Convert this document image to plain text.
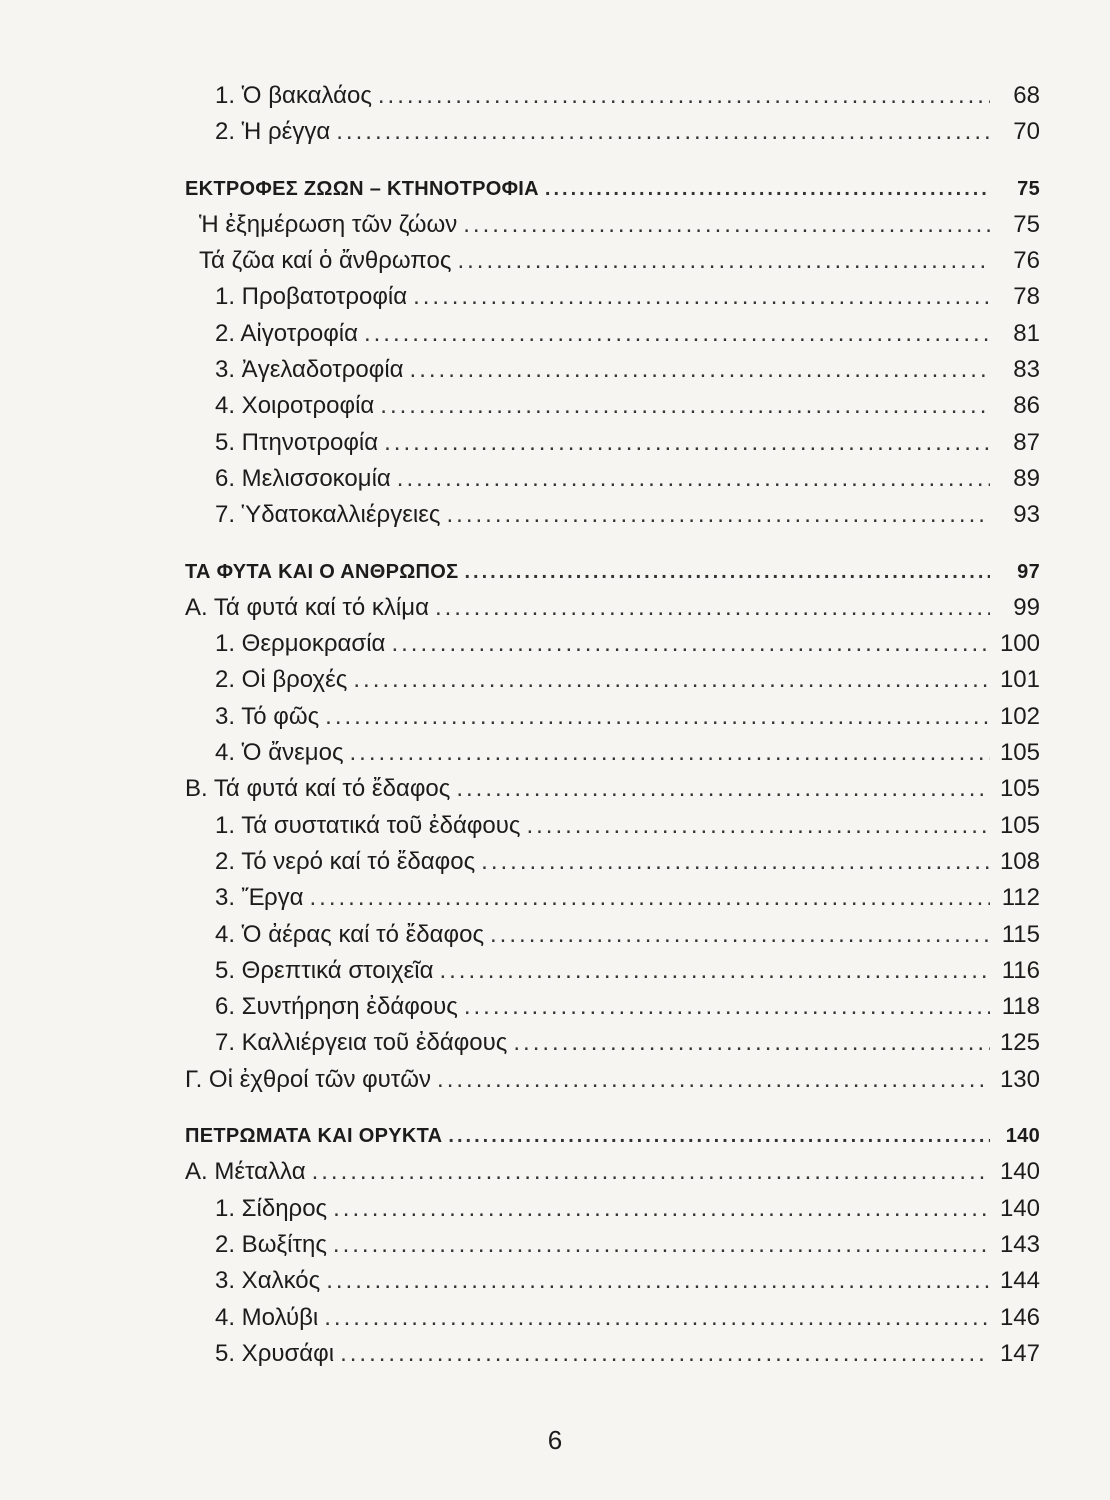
1. Ὁ βακαλάος .....	68
2. Ἡ ρέγγα .....	70
ΕΚΤΡΟΦΕΣ ΖΩΩΝ – ΚΤΗΝΟΤΡΟΦΙΑ .....	75
Ἡ ἐξημέρωση τῶν ζώων .....	75
Τά ζῶα καί ὁ ἄνθρωπος .....	76
1. Προβατοτροφία .....	78
2. Αἰγοτροφία .....	81
3. Ἀγελαδοτροφία .....	83
4. Χοιροτροφία .....	86
5. Πτηνοτροφία .....	87
6. Μελισσοκομία .....	89
7. Ὑδατοκαλλιέργειες .....	93
ΤΑ ΦΥΤΑ ΚΑΙ Ο ΑΝΘΡΩΠΟΣ .....	97
Α. Τά φυτά καί τό κλίμα .....	99
1. Θερμοκρασία .....	100
2. Οἱ βροχές .....	101
3. Τό φῶς .....	102
4. Ὁ ἄνεμος .....	105
Β. Τά φυτά καί τό ἔδαφος .....	105
1. Τά συστατικά τοῦ ἐδάφους .....	105
2. Τό νερό καί τό ἔδαφος .....	108
3. Ἔργα .....	112
4. Ὁ ἀέρας καί τό ἔδαφος .....	115
5. Θρεπτικά στοιχεῖα .....	116
6. Συντήρηση ἐδάφους .....	118
7. Καλλιέργεια τοῦ ἐδάφους .....	125
Γ. Οἱ ἐχθροί τῶν φυτῶν .....	130
ΠΕΤΡΩΜΑΤΑ ΚΑΙ ΟΡΥΚΤΑ .....	140
Α. Μέταλλα .....	140
1. Σίδηρος .....	140
2. Βωξίτης .....	143
3. Χαλκός .....	144
4. Μολύβι .....	146
5. Χρυσάφι .....	147
6
